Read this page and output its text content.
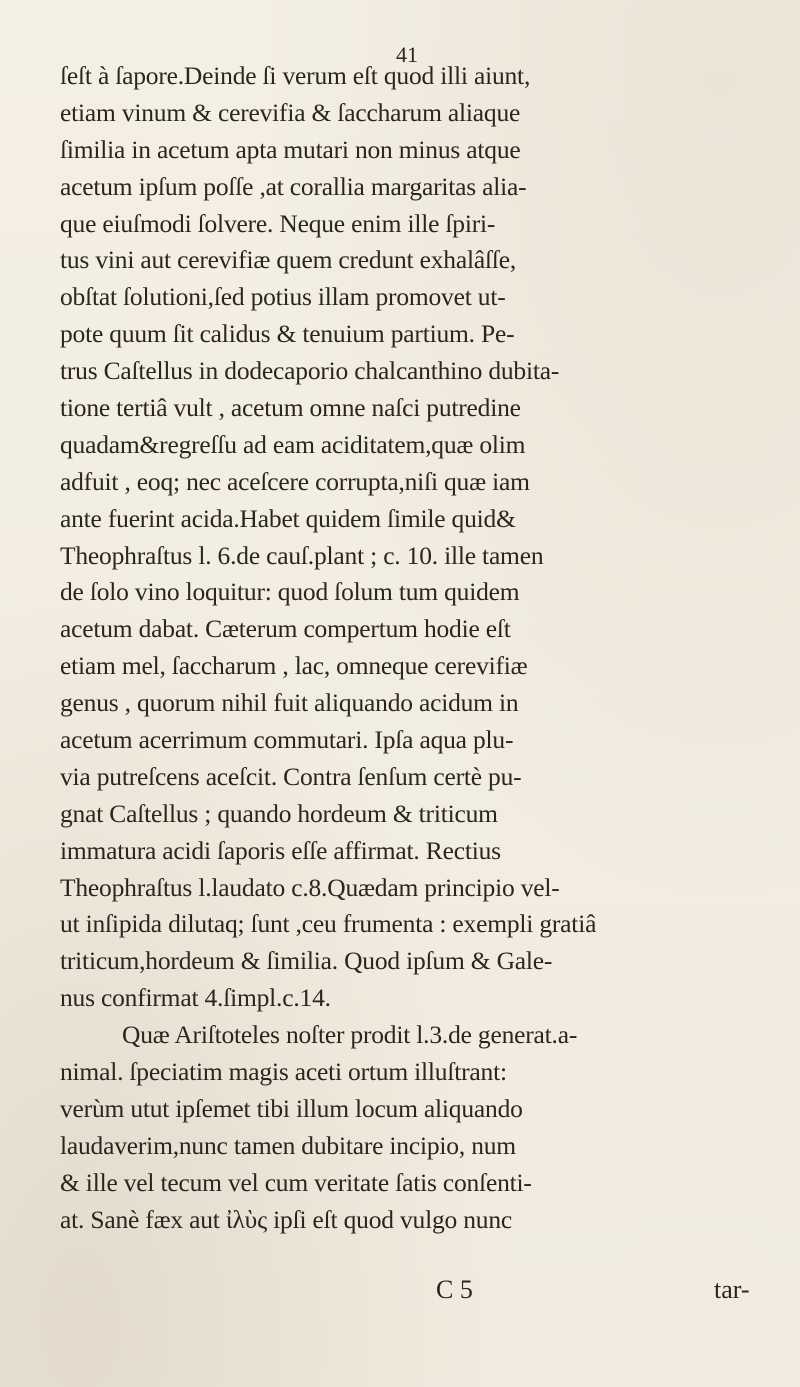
41
ſeſt à ſapore.Deinde ſi verum eſt quod illi aiunt,
etiam vinum & cerevifia & ſaccharum aliaque
ſimilia in acetum apta mutari non minus atque
acetum ipſum poſſe ,at corallia margaritas alia-
que eiuſmodi ſolvere. Neque enim ille ſpiri-
tus vini aut cerevifiæ quem credunt exhalâſſe,
obſtat ſolutioni,ſed potius illam promovet ut-
pote quum ſit calidus & tenuium partium. Pe-
trus Caſtellus in dodecaporio chalcanthino dubita-
tione tertiâ vult , acetum omne naſci putredine
quadam&regreſſu ad eam aciditatem,quæ olim
adfuit , eoq; nec aceſcere corrupta,niſi quæ iam
ante fuerint acida.Habet quidem ſimile quid&
Theophraſtus l. 6.de cauſ.plant ; c. 10. ille tamen
de ſolo vino loquitur: quod ſolum tum quidem
acetum dabat. Cæterum compertum hodie eſt
etiam mel, ſaccharum , lac, omneque cerevifiæ
genus , quorum nihil fuit aliquando acidum in
acetum acerrimum commutari. Ipſa aqua plu-
via putreſcens aceſcit. Contra ſenſum certè pu-
gnat Caſtellus ; quando hordeum & triticum
immatura acidi ſaporis eſſe affirmat. Rectius
Theophraſtus l.laudato c.8.Quædam principio vel-
ut inſipida dilutaq; ſunt ,ceu frumenta : exempli gratiâ
triticum,hordeum & ſimilia. Quod ipſum & Gale-
nus confirmat 4.ſimpl.c.14.
Quæ Ariſtoteles noſter prodit l.3.de generat.a-
nimal. ſpeciatim magis aceti ortum illuſtrant:
verùm utut ipſemet tibi illum locum aliquando
laudaverim,nunc tamen dubitare incipio, num
& ille vel tecum vel cum veritate ſatis conſenti-
at. Sanè fæx aut ἰλὺς ipſi eſt quod vulgo nunc
C 5	tar-
